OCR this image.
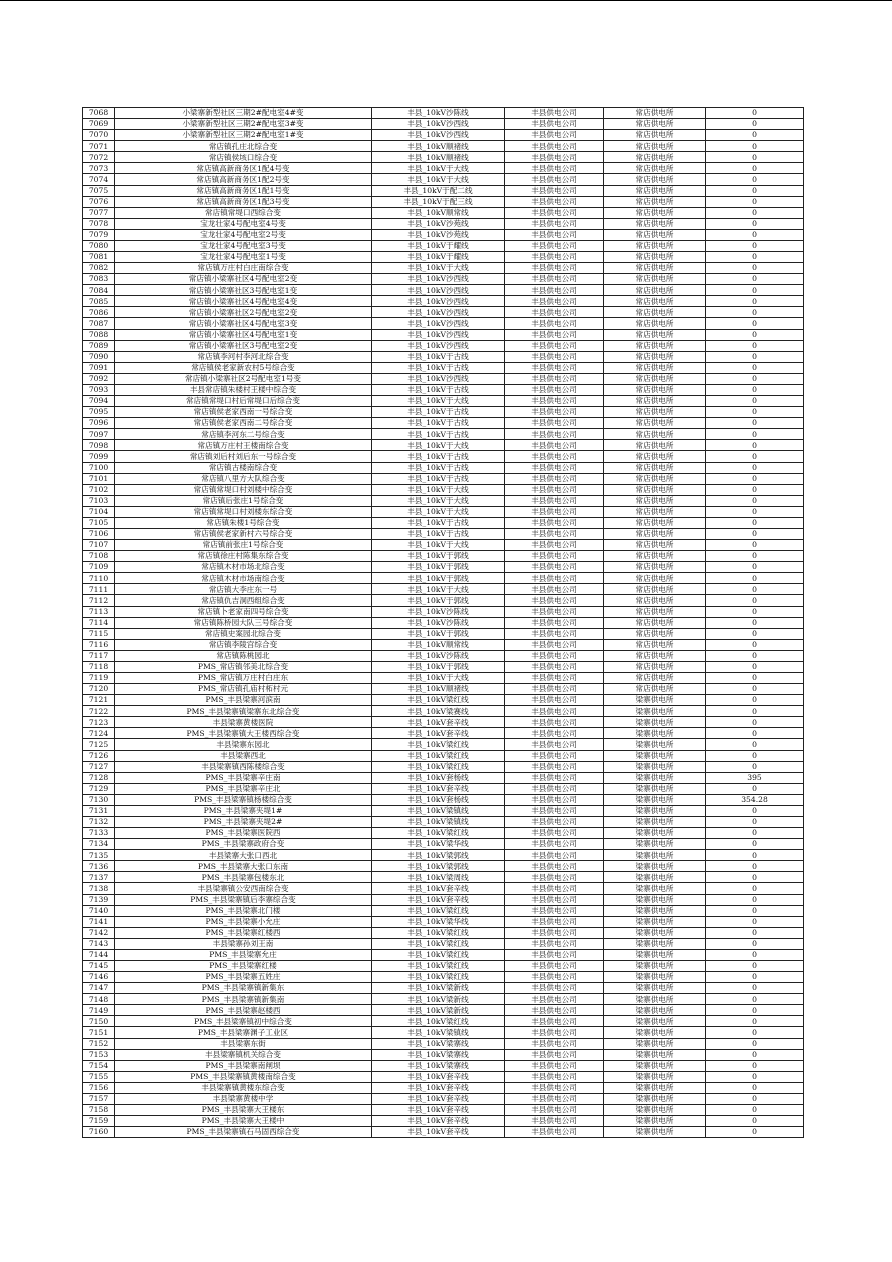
7068	小梁寨新型社区三期2#配电室4#变	丰县_10kV沙陈线	丰县供电公司	常店供电所	0
7069	小梁寨新型社区三期2#配电室3#变	丰县_10kV沙西线	丰县供电公司	常店供电所	0
7070	小梁寨新型社区三期2#配电室1#变	丰县_10kV沙西线	丰县供电公司	常店供电所	0
7071	常店镇孔庄北综合变	丰县_10kV顺褚线	丰县供电公司	常店供电所	0
7072	常店镇侯垓口综合变	丰县_10kV顺褚线	丰县供电公司	常店供电所	0
7073	常店镇高新商务区1配4号变	丰县_10kV于大线	丰县供电公司	常店供电所	0
7074	常店镇高新商务区1配2号变	丰县_10kV于大线	丰县供电公司	常店供电所	0
7075	常店镇高新商务区1配1号变	丰县_10kV于配二线	丰县供电公司	常店供电所	0
7076	常店镇高新商务区1配3号变	丰县_10kV于配三线	丰县供电公司	常店供电所	0
7077	常店镇常堤口西综合变	丰县_10kV顺常线	丰县供电公司	常店供电所	0
7078	宝龙壮家4号配电室4号变	丰县_10kV沙苑线	丰县供电公司	常店供电所	0
7079	宝龙壮家4号配电室2号变	丰县_10kV沙苑线	丰县供电公司	常店供电所	0
7080	宝龙壮家4号配电室3号变	丰县_10kV于耀线	丰县供电公司	常店供电所	0
7081	宝龙壮家4号配电室1号变	丰县_10kV于耀线	丰县供电公司	常店供电所	0
7082	常店镇万庄村白庄南综合变	丰县_10kV于大线	丰县供电公司	常店供电所	0
7083	常店镇小梁寨社区4号配电室2变	丰县_10kV沙西线	丰县供电公司	常店供电所	0
7084	常店镇小梁寨社区3号配电室1变	丰县_10kV沙西线	丰县供电公司	常店供电所	0
7085	常店镇小梁寨社区4号配电室4变	丰县_10kV沙西线	丰县供电公司	常店供电所	0
7086	常店镇小梁寨社区2号配电室2变	丰县_10kV沙西线	丰县供电公司	常店供电所	0
7087	常店镇小梁寨社区4号配电室3变	丰县_10kV沙西线	丰县供电公司	常店供电所	0
7088	常店镇小梁寨社区4号配电室1变	丰县_10kV沙西线	丰县供电公司	常店供电所	0
7089	常店镇小梁寨社区3号配电室2变	丰县_10kV沙西线	丰县供电公司	常店供电所	0
7090	常店镇李河村李河北综合变	丰县_10kV于古线	丰县供电公司	常店供电所	0
7091	常店镇侯老家新农村5号综合变	丰县_10kV于古线	丰县供电公司	常店供电所	0
7092	常店镇小梁寨社区2号配电室1号变	丰县_10kV沙西线	丰县供电公司	常店供电所	0
7093	丰县常店镇朱楼村王楼中综合变	丰县_10kV于古线	丰县供电公司	常店供电所	0
7094	常店镇常堤口村后常堤口后综合变	丰县_10kV于大线	丰县供电公司	常店供电所	0
7095	常店镇侯老家西南一号综合变	丰县_10kV于古线	丰县供电公司	常店供电所	0
7096	常店镇侯老家西南二号综合变	丰县_10kV于古线	丰县供电公司	常店供电所	0
7097	常店镇李河东二号综合变	丰县_10kV于古线	丰县供电公司	常店供电所	0
7098	常店镇万庄村王楼南综合变	丰县_10kV于大线	丰县供电公司	常店供电所	0
7099	常店镇刘后村刘后东一号综合变	丰县_10kV于古线	丰县供电公司	常店供电所	0
7100	常店镇古楼南综合变	丰县_10kV于古线	丰县供电公司	常店供电所	0
7101	常店镇八里方大队综合变	丰县_10kV于古线	丰县供电公司	常店供电所	0
7102	常店镇常堤口村刘楼中综合变	丰县_10kV于大线	丰县供电公司	常店供电所	0
7103	常店镇后张庄1号综合变	丰县_10kV于大线	丰县供电公司	常店供电所	0
7104	常店镇常堤口村刘楼东综合变	丰县_10kV于大线	丰县供电公司	常店供电所	0
7105	常店镇朱楼1号综合变	丰县_10kV于古线	丰县供电公司	常店供电所	0
7106	常店镇侯老家新村六号综合变	丰县_10kV于古线	丰县供电公司	常店供电所	0
7107	常店镇前张庄1号综合变	丰县_10kV于大线	丰县供电公司	常店供电所	0
7108	常店镇徐庄村陈集东综合变	丰县_10kV于郭线	丰县供电公司	常店供电所	0
7109	常店镇木材市场北综合变	丰县_10kV于郭线	丰县供电公司	常店供电所	0
7110	常店镇木材市场南综合变	丰县_10kV于郭线	丰县供电公司	常店供电所	0
7111	常店镇大李庄东一号	丰县_10kV于大线	丰县供电公司	常店供电所	0
7112	常店镇仇吉洞西组综合变	丰县_10kV于郭线	丰县供电公司	常店供电所	0
7113	常店镇卜老家南四号综合变	丰县_10kV沙陈线	丰县供电公司	常店供电所	0
7114	常店镇陈桥园大队三号综合变	丰县_10kV沙陈线	丰县供电公司	常店供电所	0
7115	常店镇史案园北综合变	丰县_10kV于郭线	丰县供电公司	常店供电所	0
7116	常店镇李陵宫综合变	丰县_10kV顺常线	丰县供电公司	常店供电所	0
7117	常店镇陈桃园北	丰县_10kV沙陈线	丰县供电公司	常店供电所	0
7118	PMS_常店镇邻美北综合变	丰县_10kV于郭线	丰县供电公司	常店供电所	0
7119	PMS_常店镇万庄村白庄东	丰县_10kV于大线	丰县供电公司	常店供电所	0
7120	PMS_常店镇孔庙村柘村元	丰县_10kV顺褚线	丰县供电公司	常店供电所	0
7121	PMS_丰县梁寨河滨南	丰县_10kV梁红线	丰县供电公司	梁寨供电所	0
7122	PMS_丰县梁寨镇梁寨东北综合变	丰县_10kV梁赛线	丰县供电公司	梁寨供电所	0
7123	丰县梁寨黄楼医院	丰县_10kV套辛线	丰县供电公司	梁寨供电所	0
7124	PMS_丰县梁寨镇大王楼西综合变	丰县_10kV套辛线	丰县供电公司	梁寨供电所	0
7125	丰县梁寨东园北	丰县_10kV梁红线	丰县供电公司	梁寨供电所	0
7126	丰县梁寨西北	丰县_10kV梁红线	丰县供电公司	梁寨供电所	0
7127	丰县梁寨镇西陈楼综合变	丰县_10kV梁红线	丰县供电公司	梁寨供电所	0
7128	PMS_丰县梁寨辛庄南	丰县_10kV套杨线	丰县供电公司	梁寨供电所	395
7129	PMS_丰县梁寨辛庄北	丰县_10kV套辛线	丰县供电公司	梁寨供电所	0
7130	PMS_丰县梁寨镇杨楼综合变	丰县_10kV套杨线	丰县供电公司	梁寨供电所	354.28
7131	PMS_丰县梁寨夹堤1#	丰县_10kV梁镇线	丰县供电公司	梁寨供电所	0
7132	PMS_丰县梁寨夹堤2#	丰县_10kV梁镇线	丰县供电公司	梁寨供电所	0
7133	PMS_丰县梁寨医院西	丰县_10kV梁红线	丰县供电公司	梁寨供电所	0
7134	PMS_丰县梁寨政府合变	丰县_10kV梁华线	丰县供电公司	梁寨供电所	0
7135	丰县梁寨大张口西北	丰县_10kV梁郭线	丰县供电公司	梁寨供电所	0
7136	PMS_丰县梁寨大张口东南	丰县_10kV梁郭线	丰县供电公司	梁寨供电所	0
7137	PMS_丰县梁寨包楼东北	丰县_10kV梁周线	丰县供电公司	梁寨供电所	0
7138	丰县梁寨镇公安西南综合变	丰县_10kV套辛线	丰县供电公司	梁寨供电所	0
7139	PMS_丰县梁寨镇后李寨综合变	丰县_10kV套辛线	丰县供电公司	梁寨供电所	0
7140	PMS_丰县梁寨北门楼	丰县_10kV梁红线	丰县供电公司	梁寨供电所	0
7141	PMS_丰县梁寨小允庄	丰县_10kV梁华线	丰县供电公司	梁寨供电所	0
7142	PMS_丰县梁寨红楼西	丰县_10kV梁红线	丰县供电公司	梁寨供电所	0
7143	丰县梁寨孙刘王南	丰县_10kV梁红线	丰县供电公司	梁寨供电所	0
7144	PMS_丰县梁寨允庄	丰县_10kV梁红线	丰县供电公司	梁寨供电所	0
7145	PMS_丰县梁寨红楼	丰县_10kV梁红线	丰县供电公司	梁寨供电所	0
7146	PMS_丰县梁寨五姓庄	丰县_10kV梁红线	丰县供电公司	梁寨供电所	0
7147	PMS_丰县梁寨镇新集东	丰县_10kV梁新线	丰县供电公司	梁寨供电所	0
7148	PMS_丰县梁寨镇新集南	丰县_10kV梁新线	丰县供电公司	梁寨供电所	0
7149	PMS_丰县梁寨赵楼西	丰县_10kV梁新线	丰县供电公司	梁寨供电所	0
7150	PMS_丰县梁寨镇初中综合变	丰县_10kV梁红线	丰县供电公司	梁寨供电所	0
7151	PMS_丰县梁寨渊子工业区	丰县_10kV梁镇线	丰县供电公司	梁寨供电所	0
7152	丰县梁寨东街	丰县_10kV梁寨线	丰县供电公司	梁寨供电所	0
7153	丰县梁寨镇机关综合变	丰县_10kV梁寨线	丰县供电公司	梁寨供电所	0
7154	PMS_丰县梁寨南闸坝	丰县_10kV梁寨线	丰县供电公司	梁寨供电所	0
7155	PMS_丰县梁寨镇黄楼南综合变	丰县_10kV套辛线	丰县供电公司	梁寨供电所	0
7156	丰县梁寨镇黄楼东综合变	丰县_10kV套辛线	丰县供电公司	梁寨供电所	0
7157	丰县梁寨黄楼中学	丰县_10kV套辛线	丰县供电公司	梁寨供电所	0
7158	PMS_丰县梁寨大王楼东	丰县_10kV套辛线	丰县供电公司	梁寨供电所	0
7159	PMS_丰县梁寨大王楼中	丰县_10kV套辛线	丰县供电公司	梁寨供电所	0
7160	PMS_丰县梁寨镇石马固西综合变	丰县_10kV套辛线	丰县供电公司	梁寨供电所	0
